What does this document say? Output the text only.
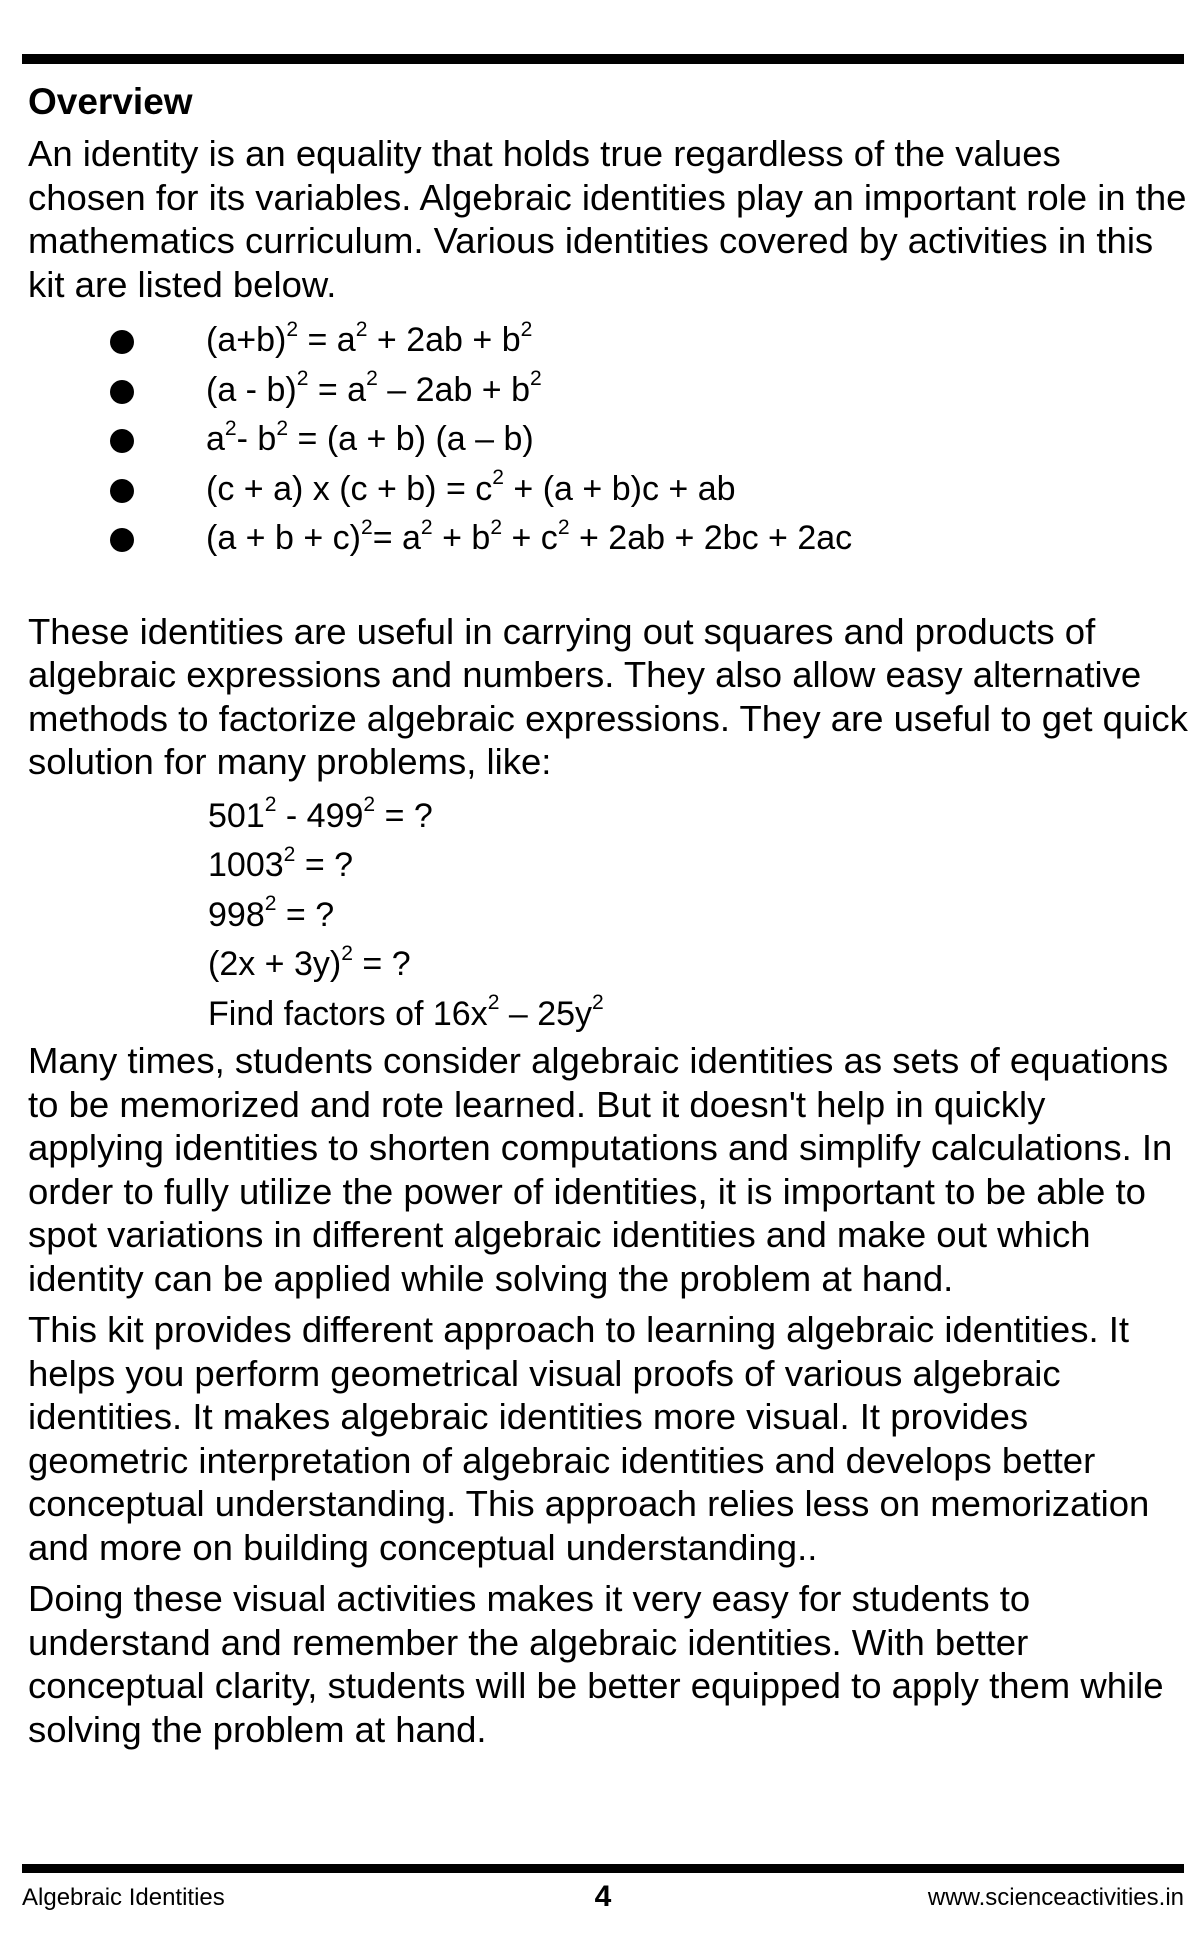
Overview

An identity is an equality that holds true regardless of the values chosen for its variables. Algebraic identities play an important role in the mathematics curriculum. Various identities covered by activities in this kit are listed below.

$(a+b)^2 = a^2 + 2ab + b^2$
$(a - b)^2 = a^2 - 2ab + b^2$
$a^2-$ $b^2 = (a + b)$ (a – b)
(c + a) x $(c + b) = c^2 + (a + b)c$ + ab
$(a + b + c)^2= a^2 + b^2 + c^2 + 2ab + 2bc + 2ac$

These identities are useful in carrying out squares and products of algebraic expressions and numbers. They also allow easy alternative methods to factorize algebraic expressions. They are useful to get quick solution for many problems, like:

$501^2 - 499^2$ = ?
$1003^2$ = ?
$998^2$ = ?
$(2x + 3y)^2$ = ?
Find factors of $16x^2 - 25y^2$

Many times, students consider algebraic identities as sets of equations to be memorized and rote learned. But it doesn't help in quickly applying identities to shorten computations and simplify calculations. In order to fully utilize the power of identities, it is important to be able to spot variations in different algebraic identities and make out which identity can be applied while solving the problem at hand.

This kit provides different approach to learning algebraic identities. It helps you perform geometrical visual proofs of various algebraic identities. It makes algebraic identities more visual. It provides geometric interpretation of algebraic identities and develops better conceptual understanding. This approach relies less on memorization and more on building conceptual understanding..

Doing these visual activities makes it very easy for students to understand and remember the algebraic identities. With better conceptual clarity, students will be better equipped to apply them while solving the problem at hand.

Algebraic Identities	4	www.scienceactivities.in
